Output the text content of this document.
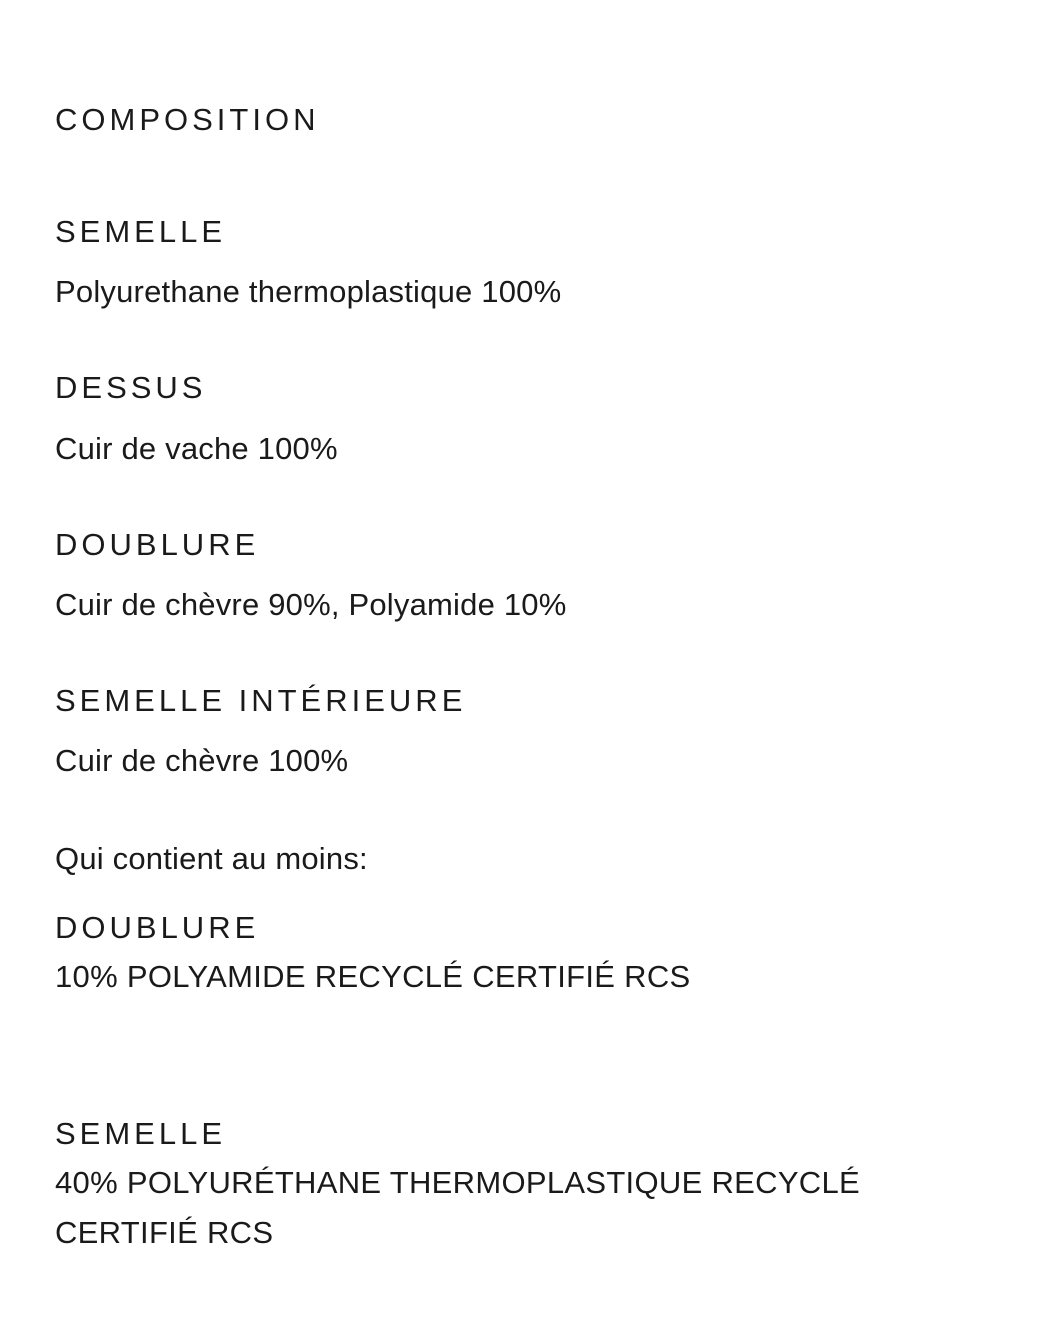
COMPOSITION
SEMELLE

Polyurethane thermoplastique 100%

DESSUS

Cuir de vache 100%

DOUBLURE

Cuir de chèvre 90%, Polyamide 10%

SEMELLE INTÉRIEURE

Cuir de chèvre 100%

Qui contient au moins:

DOUBLURE

10% POLYAMIDE RECYCLÉ CERTIFIÉ RCS

SEMELLE

40% POLYURÉTHANE THERMOPLASTIQUE RECYCLÉ

CERTIFIÉ RCS
